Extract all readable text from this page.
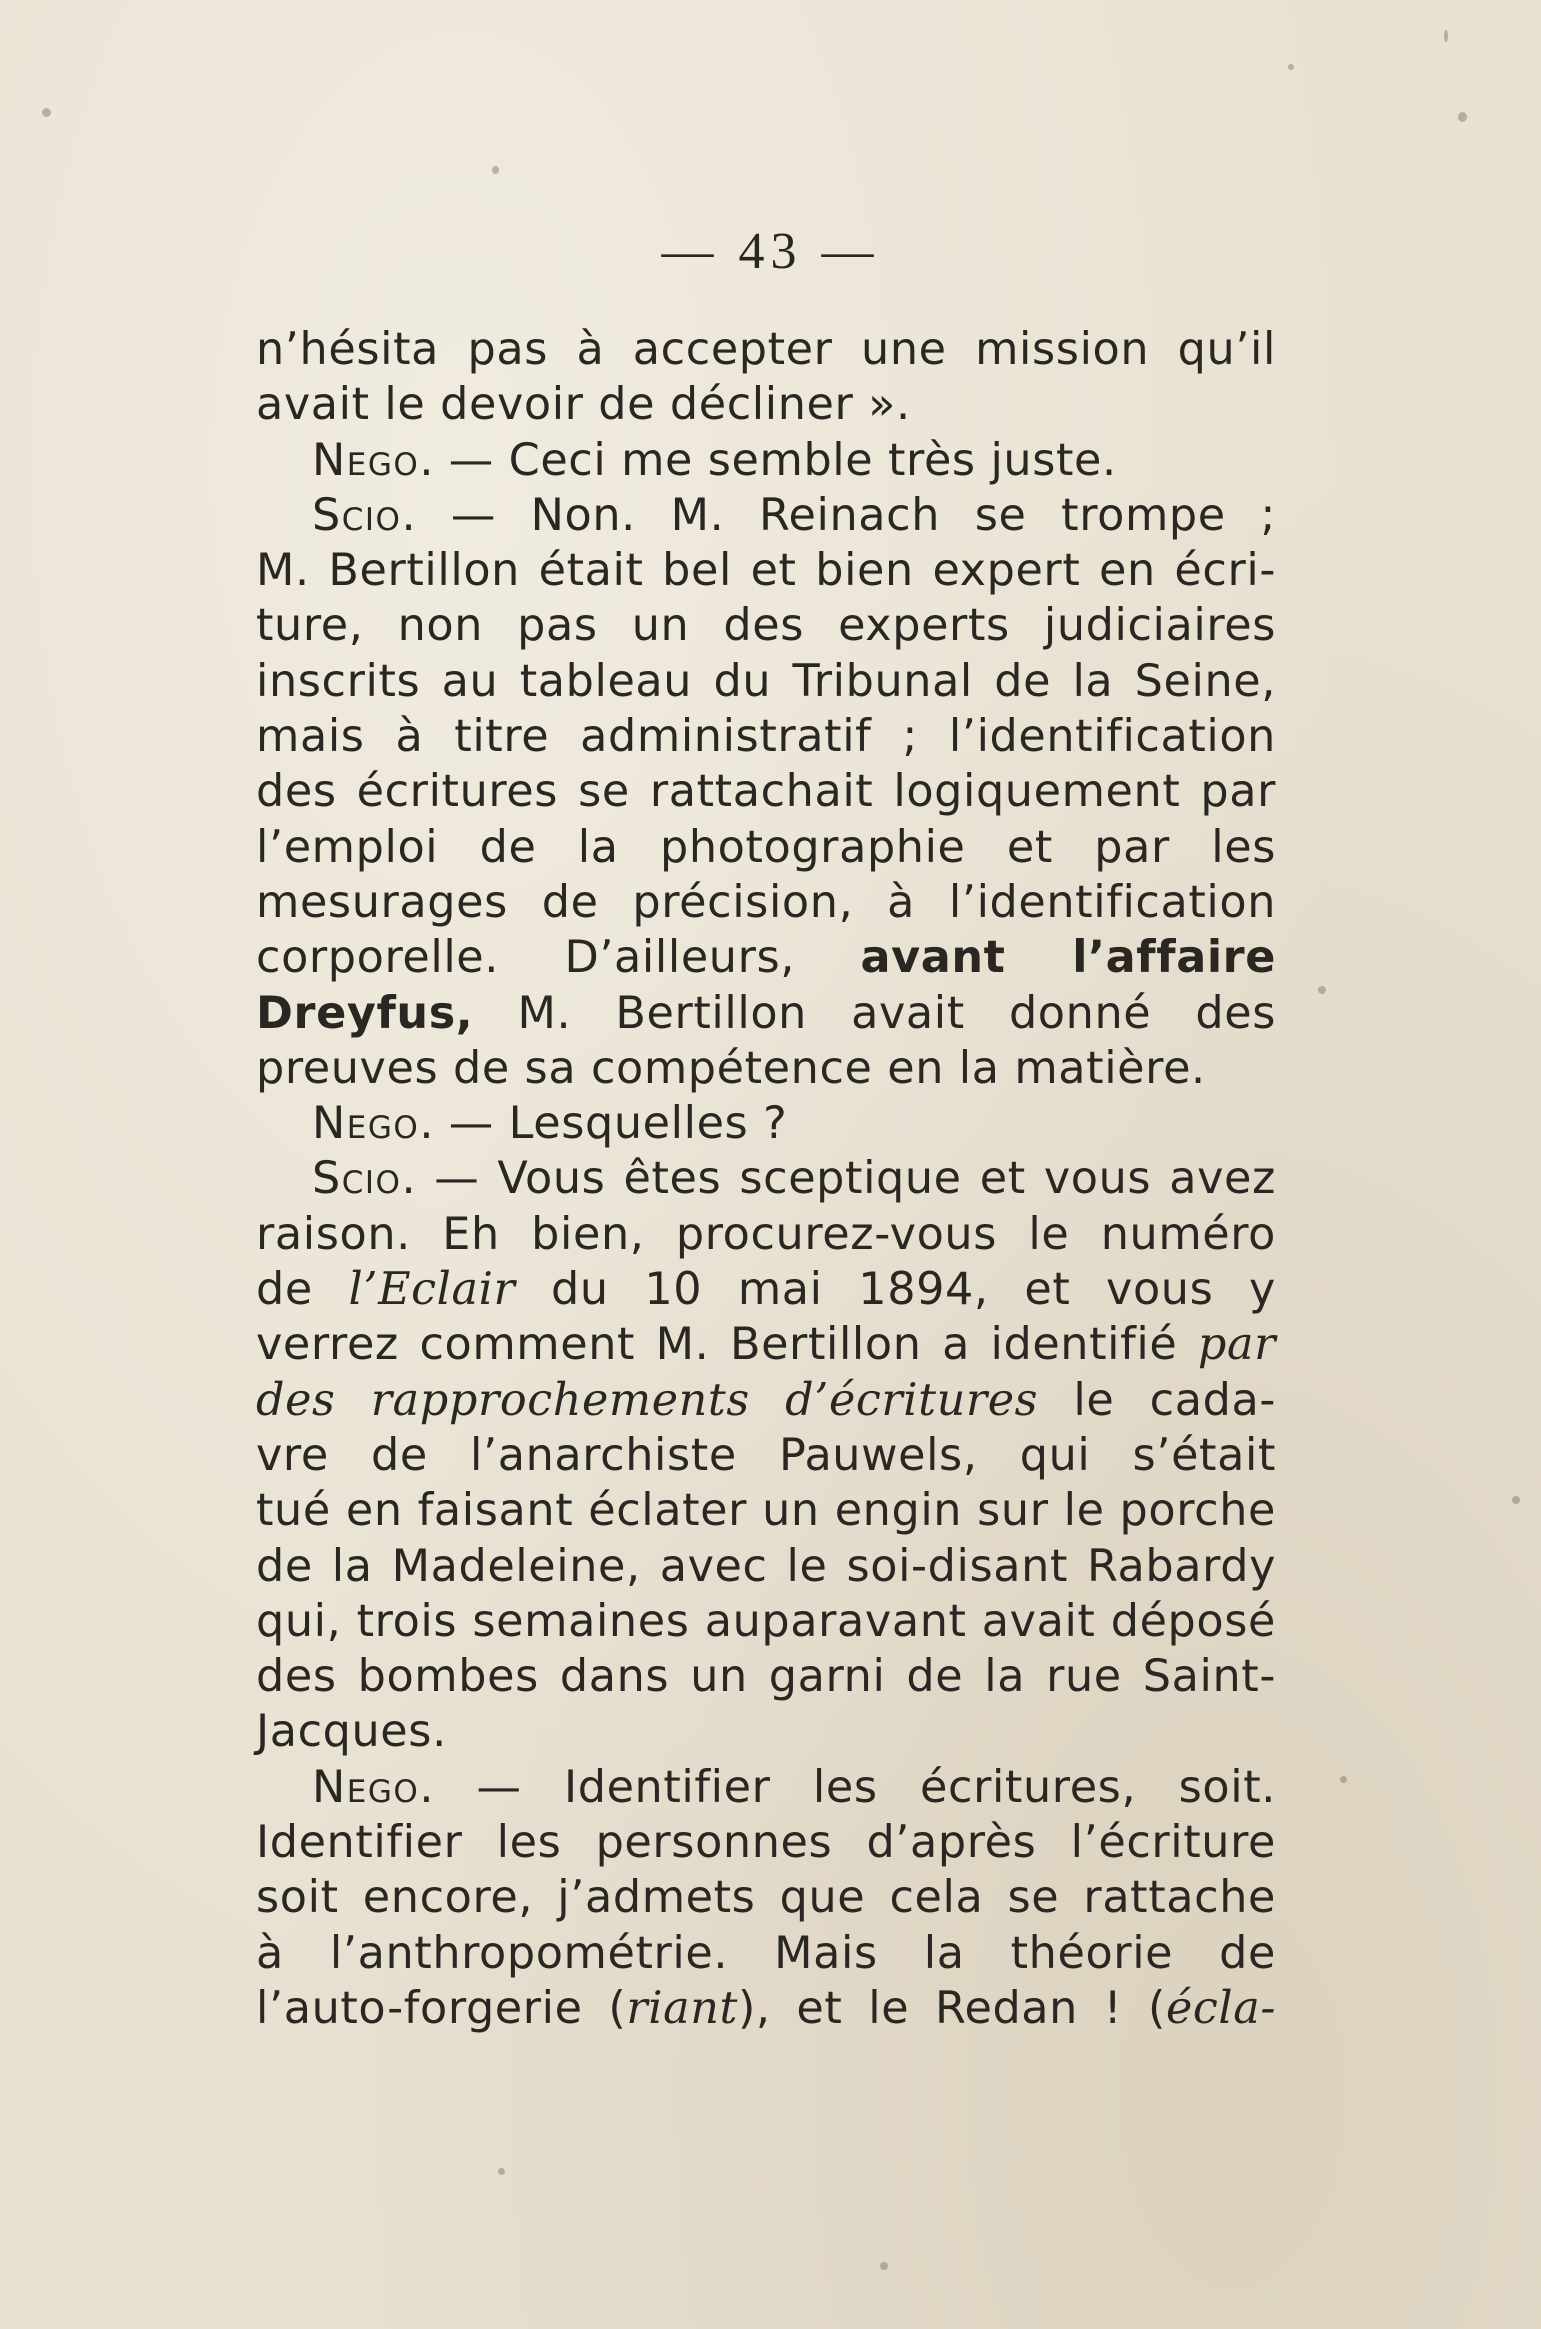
— 43 —
n’hésita pas à accepter une mission qu’il
avait le devoir de décliner ».
Nego. — Ceci me semble très juste.
Scio. — Non. M. Reinach se trompe ;
M. Bertillon était bel et bien expert en écri-
ture, non pas un des experts judiciaires
inscrits au tableau du Tribunal de la Seine,
mais à titre administratif ; l’identification
des écritures se rattachait logiquement par
l’emploi de la photographie et par les
mesurages de précision, à l’identification
corporelle. D’ailleurs, avant l’affaire
Dreyfus, M. Bertillon avait donné des
preuves de sa compétence en la matière.
Nego. — Lesquelles ?
Scio. — Vous êtes sceptique et vous avez
raison. Eh bien, procurez-vous le numéro
de l’Eclair du 10 mai 1894, et vous y
verrez comment M. Bertillon a identifié par
des rapprochements d’écritures le cada-
vre de l’anarchiste Pauwels, qui s’était
tué en faisant éclater un engin sur le porche
de la Madeleine, avec le soi-disant Rabardy
qui, trois semaines auparavant avait déposé
des bombes dans un garni de la rue Saint-
Jacques.
Nego. — Identifier les écritures, soit.
Identifier les personnes d’après l’écriture
soit encore, j’admets que cela se rattache
à l’anthropométrie. Mais la théorie de
l’auto-forgerie (riant), et le Redan ! (écla-
